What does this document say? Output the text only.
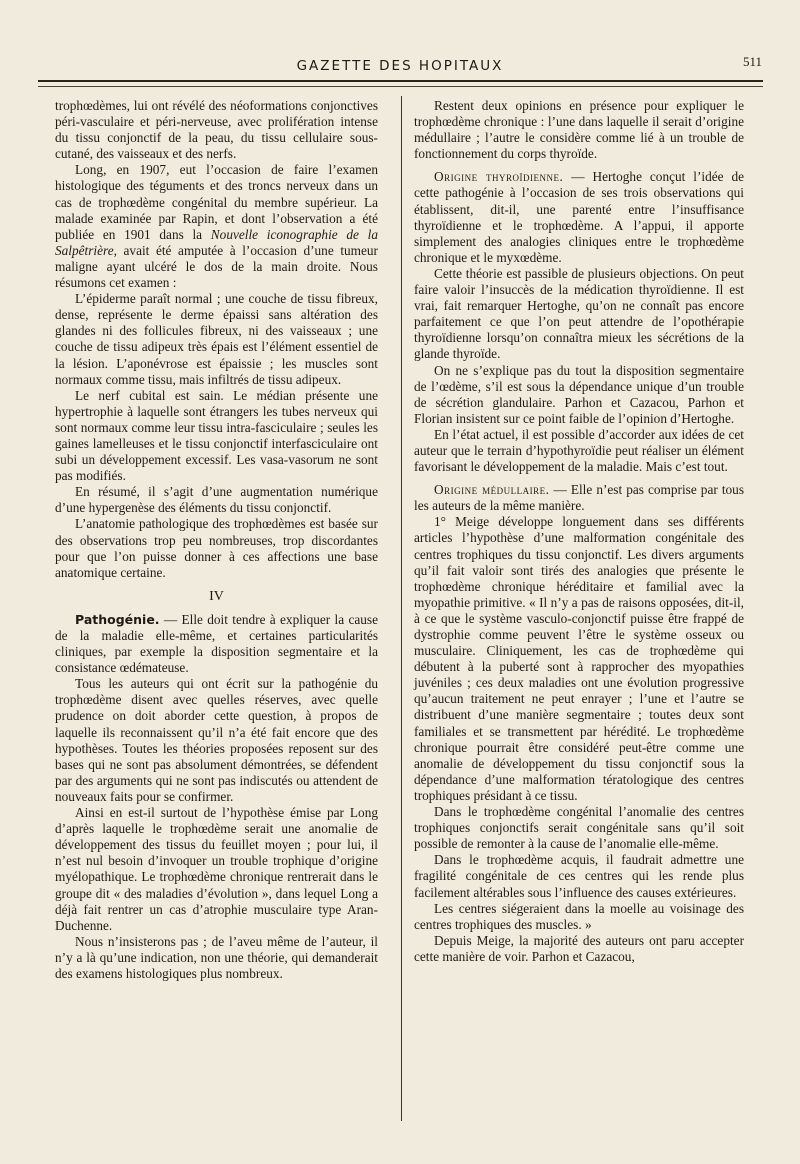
GAZETTE DES HOPITAUX	511

trophœdèmes, lui ont révélé des néoformations conjonctives péri-vasculaire et péri-nerveuse, avec prolifération intense du tissu conjonctif de la peau, du tissu cellulaire sous-cutané, des vaisseaux et des nerfs.

Long, en 1907, eut l’occasion de faire l’examen histologique des téguments et des troncs nerveux dans un cas de trophœdème congénital du membre supérieur. La malade examinée par Rapin, et dont l’observation a été publiée en 1901 dans la Nouvelle iconographie de la Salpêtrière, avait été amputée à l’occasion d’une tumeur maligne ayant ulcéré le dos de la main droite. Nous résumons cet examen :

L’épiderme paraît normal ; une couche de tissu fibreux, dense, représente le derme épaissi sans altération des glandes ni des follicules fibreux, ni des vaisseaux ; une couche de tissu adipeux très épais est l’élément essentiel de la lésion. L’aponévrose est épaissie ; les muscles sont normaux comme tissu, mais infiltrés de tissu adipeux.

Le nerf cubital est sain. Le médian présente une hypertrophie à laquelle sont étrangers les tubes nerveux qui sont normaux comme leur tissu intra-fasciculaire ; seules les gaines lamelleuses et le tissu conjonctif interfasciculaire ont subi un développement excessif. Les vasa-vasorum ne sont pas modifiés.

En résumé, il s’agit d’une augmentation numérique d’une hypergenèse des éléments du tissu conjonctif.

L’anatomie pathologique des trophœdèmes est basée sur des observations trop peu nombreuses, trop discordantes pour que l’on puisse donner à ces affections une base anatomique certaine.

IV

Pathogénie. — Elle doit tendre à expliquer la cause de la maladie elle-même, et certaines particularités cliniques, par exemple la disposition segmentaire et la consistance œdémateuse.

Tous les auteurs qui ont écrit sur la pathogénie du trophœdème disent avec quelles réserves, avec quelle prudence on doit aborder cette question, à propos de laquelle ils reconnaissent qu’il n’a été fait encore que des hypothèses. Toutes les théories proposées reposent sur des bases qui ne sont pas absolument démontrées, se défendent par des arguments qui ne sont pas indiscutés ou attendent de nouveaux faits pour se confirmer.

Ainsi en est-il surtout de l’hypothèse émise par Long d’après laquelle le trophœdème serait une anomalie de développement des tissus du feuillet moyen ; pour lui, il n’est nul besoin d’invoquer un trouble trophique d’origine myélopathique. Le trophœdème chronique rentrerait dans le groupe dit « des maladies d’évolution », dans lequel Long a déjà fait rentrer un cas d’atrophie musculaire type Aran-Duchenne.

Nous n’insisterons pas ; de l’aveu même de l’auteur, il n’y a là qu’une indication, non une théorie, qui demanderait des examens histologiques plus nombreux.

Restent deux opinions en présence pour expliquer le trophœdème chronique : l’une dans laquelle il serait d’origine médullaire ; l’autre le considère comme lié à un trouble de fonctionnement du corps thyroïde.

Origine thyroïdienne. — Hertoghe conçut l’idée de cette pathogénie à l’occasion de ses trois observations qui établissent, dit-il, une parenté entre l’insuffisance thyroïdienne et le trophœdème. A l’appui, il apporte simplement des analogies cliniques entre le trophœdème chronique et le myxœdème.

Cette théorie est passible de plusieurs objections. On peut faire valoir l’insuccès de la médication thyroïdienne. Il est vrai, fait remarquer Hertoghe, qu’on ne connaît pas encore parfaitement ce que l’on peut attendre de l’opothérapie thyroïdienne lorsqu’on connaîtra mieux les sécrétions de la glande thyroïde.

On ne s’explique pas du tout la disposition segmentaire de l’œdème, s’il est sous la dépendance unique d’un trouble de sécrétion glandulaire. Parhon et Cazacou, Parhon et Florian insistent sur ce point faible de l’opinion d’Hertoghe.

En l’état actuel, il est possible d’accorder aux idées de cet auteur que le terrain d’hypothyroïdie peut réaliser un élément favorisant le développement de la maladie. Mais c’est tout.

Origine médullaire. — Elle n’est pas comprise par tous les auteurs de la même manière.

1° Meige développe longuement dans ses différents articles l’hypothèse d’une malformation congénitale des centres trophiques du tissu conjonctif. Les divers arguments qu’il fait valoir sont tirés des analogies que présente le trophœdème chronique héréditaire et familial avec la myopathie primitive. « Il n’y a pas de raisons opposées, dit-il, à ce que le système vasculo-conjonctif puisse être frappé de dystrophie comme peuvent l’être le système osseux ou musculaire. Cliniquement, les cas de trophœdème qui débutent à la puberté sont à rapprocher des myopathies juvéniles ; ces deux maladies ont une évolution progressive qu’aucun traitement ne peut enrayer ; l’une et l’autre se distribuent d’une manière segmentaire ; toutes deux sont familiales et se transmettent par hérédité. Le trophœdème chronique pourrait être considéré peut-être comme une anomalie de développement du tissu conjonctif sous la dépendance d’une malformation tératologique des centres trophiques présidant à ce tissu.

Dans le trophœdème congénital l’anomalie des centres trophiques conjonctifs serait congénitale sans qu’il soit possible de remonter à la cause de l’anomalie elle-même.

Dans le trophœdème acquis, il faudrait admettre une fragilité congénitale de ces centres qui les rende plus facilement altérables sous l’influence des causes extérieures.

Les centres siégeraient dans la moelle au voisinage des centres trophiques des muscles. »

Depuis Meige, la majorité des auteurs ont paru accepter cette manière de voir. Parhon et Cazacou,
